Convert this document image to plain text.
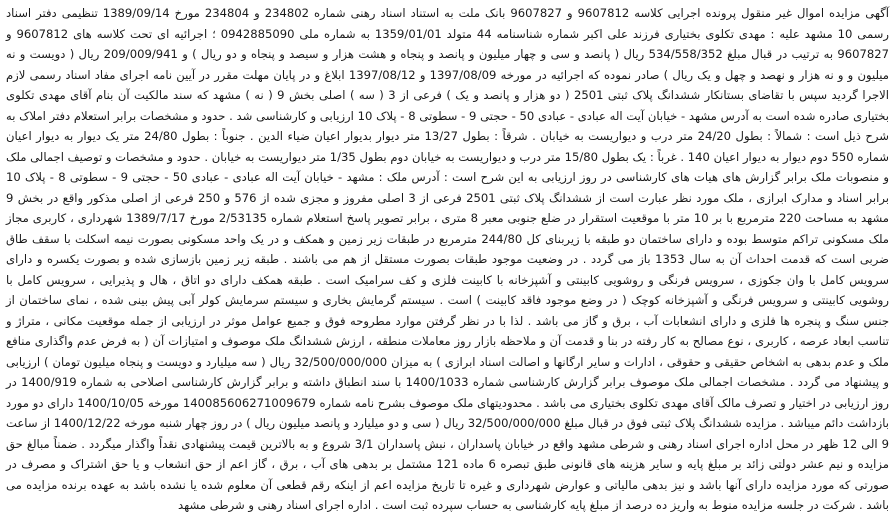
آگهی مزایده اموال غیر منقول پرونده اجرایی کلاسه 9607812 و 9607827 بانک ملت به استناد اسناد رهنی شماره 234802 و 234804 مورخ 1389/09/14 تنظیمی دفتر اسناد رسمی 10 مشهد علیه : مهدی تکلوی بختیاری فرزند علی اکبر شماره شناسنامه 44 متولد 1359/01/01 به شماره ملی 0942885090 ؛ اجرائیه ای تحت کلاسه های 9607812 و 9607827 به ترتیب در قبال مبلغ 534/558/352 ریال ( پانصد و سی و چهار میلیون و پانصد و پنجاه و هشت هزار و سیصد و پنجاه و دو ریال ) و 209/009/941 ریال ( دویست و نه میلیون و و نه هزار و نهصد و چهل و یک ریال ) صادر نموده که اجرائیه در مورخه 1397/08/09 و 1397/08/12 ابلاغ و در پایان مهلت مقرر در آیین نامه اجرای مفاد اسناد رسمی لازم الاجرا گردید سپس با تقاضای بستانکار ششدانگ پلاک ثبتی 2501 ( دو هزار و پانصد و یک ) فرعی از 3 ( سه ) اصلی بخش 9 ( نه ) مشهد که سند مالکیت آن بنام آقای مهدی تکلوی بختیاری صادره شده است به آدرس مشهد - خیابان آیت اله عبادی - عبادی 50 - حجتی 9 - سطوتی 8 - پلاک 10 ارزیابی و کارشناسی شد . حدود و مشخصات برابر استعلام دفتر املاک به شرح ذیل است : شمالاً : بطول 24/20 متر درب و دیواریست به خیابان . شرقاً : بطول 13/27 متر دیوار بدیوار اعیان ضیاء الدین . جنوباً : بطول 24/80 متر یک دیوار به دیوار اعیان شماره 550 دوم دیوار به دیوار اعیان 140 . غرباً : یک بطول 15/80 متر درب و دیواریست به خیابان دوم بطول 1/35 متر دیواریست به خیابان . حدود و مشخصات و توصیف اجمالی ملک و منصوبات ملک برابر گزارش های هیات های کارشناسی در روز ارزیابی به این شرح است : آدرس ملک : مشهد - خیابان آیت اله عبادی - عبادی 50 - حجتی 9 - سطوتی 8 - پلاک 10 برابر اسناد و مدارک ابرازی ، ملک مورد نظر عبارت است از ششدانگ پلاک ثبتی 2501 فرعی از 3 اصلی مفروز و مجزی شده از 576 و 250 فرعی از اصلی مذکور واقع در بخش 9 مشهد به مساحت 220 مترمربع با بر 10 متر با موقعیت استقرار در ضلع جنوبی معبر 8 متری ، برابر تصویر پاسخ استعلام شماره 2/53135 مورخ 1389/7/17 شهرداری ، کاربری مجاز ملک مسکونی تراکم متوسط بوده و دارای ساختمان دو طبقه با زیربنای کل 244/80 مترمربع در طبقات زیر زمین و همکف و در یک واحد مسکونی بصورت نیمه اسکلت با سقف طاق ضربی است که قدمت احداث آن به سال 1353 باز می گردد . در وضعیت موجود طبقات بصورت مستقل از هم می باشند . طبقه زیر زمین بازسازی شده و بصورت یکسره و دارای سرویس کامل با وان جکوزی ، سرویس فرنگی و روشویی کابینتی و آشپزخانه با کابینت فلزی و کف سرامیک است . طبقه همکف دارای دو اتاق ، هال و پذیرایی ، سرویس کامل با روشویی کابینتی و سرویس فرنگی و آشپزخانه کوچک ( در وضع موجود فاقد کابینت ) است . سیستم گرمایش بخاری و سیستم سرمایش کولر آبی پیش بینی شده ، نمای ساختمان از جنس سنگ و پنجره ها فلزی و دارای انشعابات آب ، برق و گاز می باشد . لذا با در نظر گرفتن موارد مطروحه فوق و جمیع عوامل موثر در ارزیابی از جمله موقعیت مکانی ، متراژ و تناسب ابعاد عرصه ، کاربری ، نوع مصالح به کار رفته در بنا و قدمت آن و ملاحظه بازار روز معاملات منطقه ، ارزش ششدانگ ملک موصوف و امتیازات آن ( به فرض عدم واگذاری منافع ملک و عدم بدهی به اشخاص حقیقی و حقوقی ، ادارات و سایر ارگانها و اصالت اسناد ابرازی ) به میزان 32/500/000/000 ریال ( سه میلیارد و دویست و پنجاه میلیون تومان ) ارزیابی و پیشنهاد می گردد . مشخصات اجمالی ملک موصوف برابر گزارش کارشناسی شماره 1400/1033 با سند انطباق داشته و برابر گزارش کارشناسی اصلاحی به شماره 1400/919 در روز ارزیابی در اختیار و تصرف مالک آقای مهدی تکلوی بختیاری می باشد . محدودیتهای ملک موصوف بشرح نامه شماره 140085606271009679 مورخه 1400/10/05 دارای دو مورد بازداشت دائم میباشد . مزایده ششدانگ پلاک ثبتی فوق در قبال مبلغ 32/500/000/000 ریال ( سی و دو میلیارد و پانصد میلیون ریال ) در روز چهار شنبه مورخه 1400/12/22 از ساعت 9 الی 12 ظهر در محل اداره اجرای اسناد رهنی و شرطی مشهد واقع در خیابان پاسداران ، نبش پاسداران 3/1 شروع و به بالاترین قیمت پیشنهادی نقداً واگذار میگردد . ضمناً مبالغ حق مزایده و نیم عشر دولتی زائد بر مبلغ پایه و سایر هزینه های قانونی طبق تبصره 6 ماده 121 مشتمل بر بدهی های آب ، برق ، گاز اعم از حق انشعاب و یا حق اشتراک و مصرف در صورتی که مورد مزایده دارای آنها باشد و نیز بدهی مالیاتی و عوارض شهرداری و غیره تا تاریخ مزایده اعم از اینکه رقم قطعی آن معلوم شده یا نشده باشد به عهده برنده مزایده می باشد . شرکت در جلسه مزایده منوط به واریز ده درصد از مبلغ پایه کارشناسی به حساب سپرده ثبت است . اداره اجرای اسناد رهنی و شرطی مشهد
